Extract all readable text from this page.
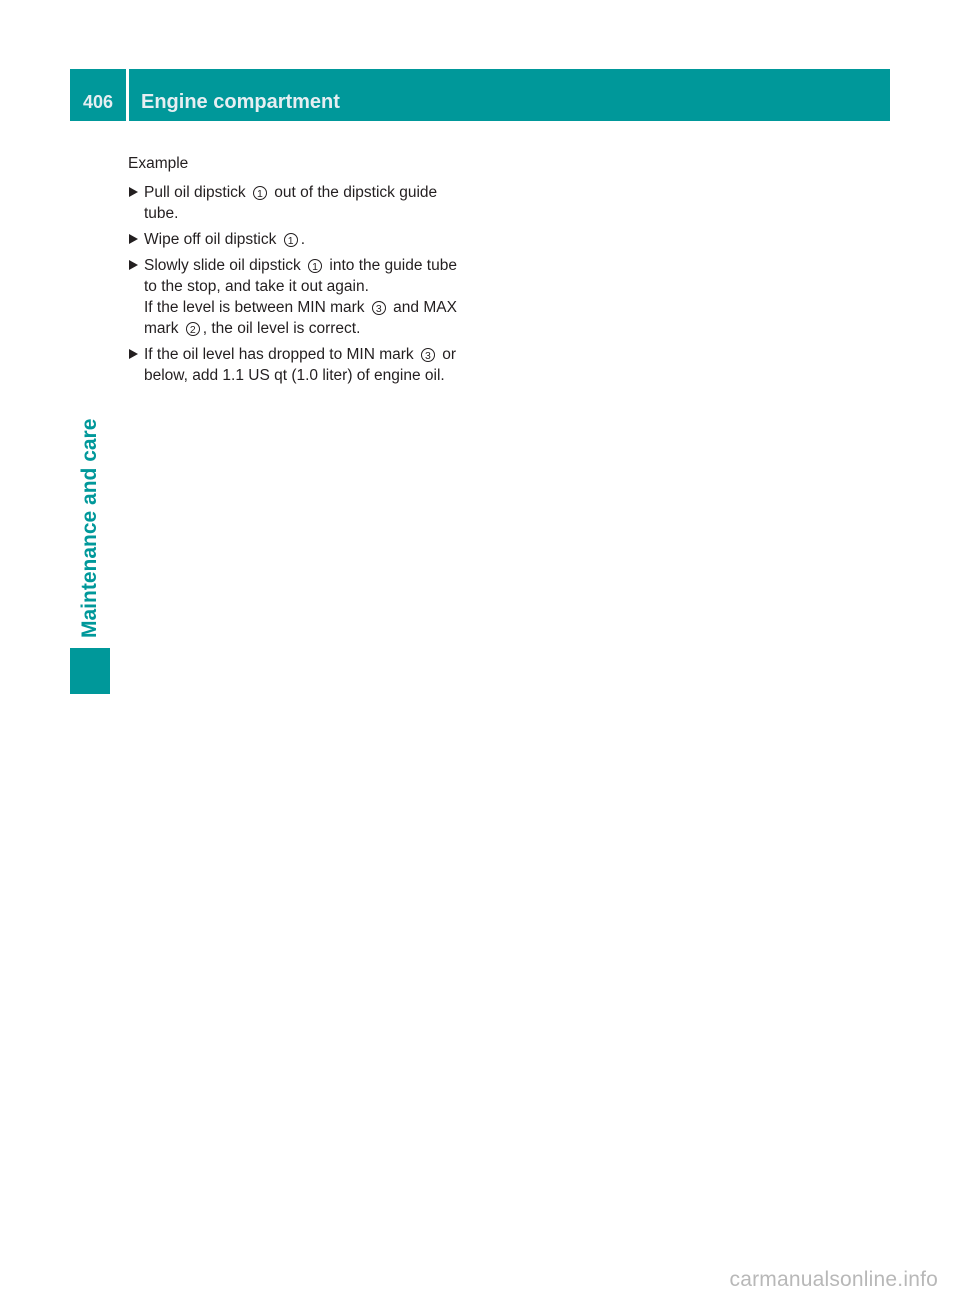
406	Engine compartment
Maintenance and care
Example
Pull oil dipstick 1 out of the dipstick guide tube.
Wipe off oil dipstick 1 .
Slowly slide oil dipstick 1 into the guide tube to the stop, and take it out again.
If the level is between MIN mark 3 and MAX mark 2 , the oil level is correct.
If the oil level has dropped to MIN mark 3 or below, add 1.1 US qt (1.0 liter) of engine oil.
carmanualsonline.info
